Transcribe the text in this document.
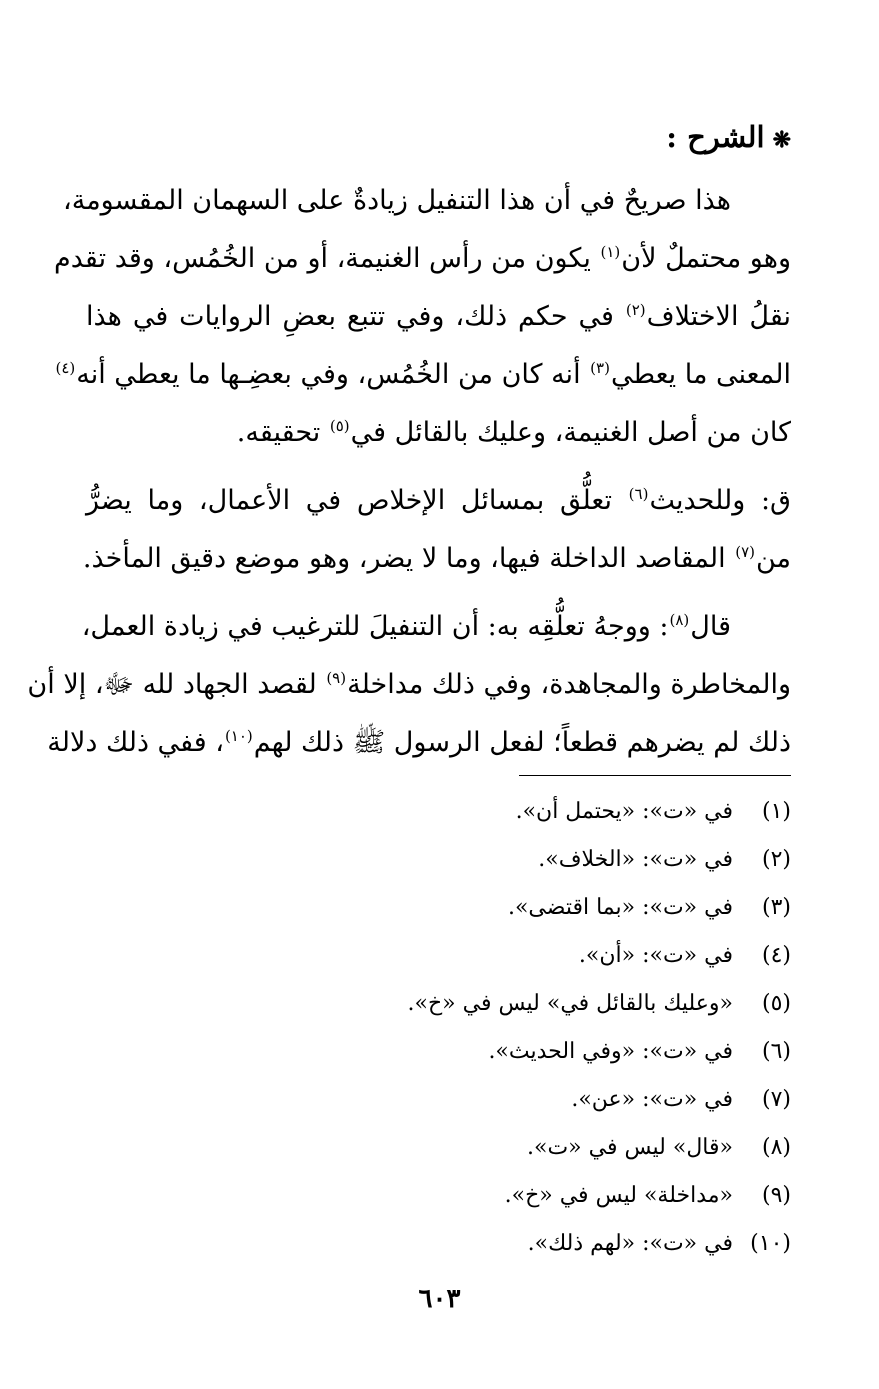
❋الشرح :
هذا صريحٌ في أن هذا التنفيل زيادةٌ على السهمان المقسومة،
وهو محتملٌ لأن$^{(١)}$ يكون من رأس الغنيمة، أو من الخُمُس، وقد تقدم
نقلُ الاختلاف$^{(٢)}$ في حكم ذلك، وفي تتبع بعضِ الروايات في هذا
المعنى ما يعطي$^{(٣)}$ أنه كان من الخُمُس، وفي بعضِـها ما يعطي أنه$^{(٤)}$
كان من أصل الغنيمة، وعليك بالقائل في$^{(٥)}$ تحقيقه.
ق: وللحديث$^{(٦)}$ تعلُّق بمسائل الإخلاص في الأعمال، وما يضرُّ
من$^{(٧)}$ المقاصد الداخلة فيها، وما لا يضر، وهو موضع دقيق المأخذ.
قال$^{(٨)}$: ووجهُ تعلُّقِه به: أن التنفيلَ للترغيب في زيادة العمل،
والمخاطرة والمجاهدة، وفي ذلك مداخلة$^{(٩)}$ لقصد الجهاد لله ﷻ، إلا أن
ذلك لم يضرهم قطعاً؛ لفعل الرسول ﷺ ذلك لهم$^{(١٠)}$، ففي ذلك دلالة
(١)في «ت»: «يحتمل أن».
(٢)في «ت»: «الخلاف».
(٣)في «ت»: «بما اقتضى».
(٤)في «ت»: «أن».
(٥)«وعليك بالقائل في» ليس في «خ».
(٦)في «ت»: «وفي الحديث».
(٧)في «ت»: «عن».
(٨)«قال» ليس في «ت».
(٩)«مداخلة» ليس في «خ».
(١٠)في «ت»: «لهم ذلك».
٦٠٣
